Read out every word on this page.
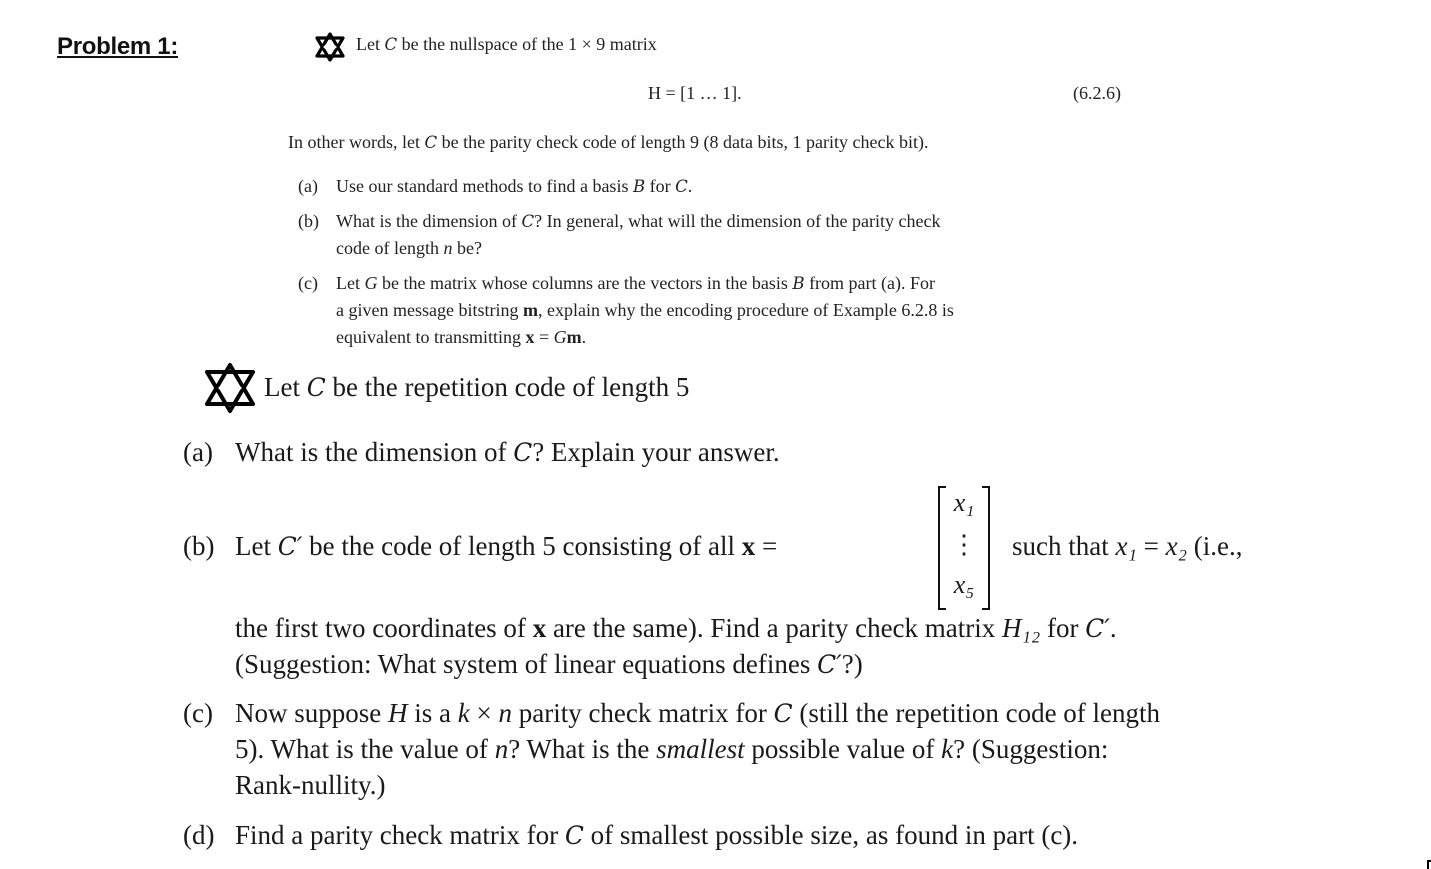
Problem 1:	Let C be the nullspace of the 1 × 9 matrix
H = [1 … 1].	(6.2.6)
In other words, let C be the parity check code of length 9 (8 data bits, 1 parity check bit).
(a) Use our standard methods to find a basis B for C.
(b) What is the dimension of C? In general, what will the dimension of the parity check
code of length n be?
(c) Let G be the matrix whose columns are the vectors in the basis B from part (a). For
a given message bitstring m, explain why the encoding procedure of Example 6.2.8 is
equivalent to transmitting x = Gm.
Let C be the repetition code of length 5
(a) What is the dimension of C? Explain your answer.
(b) Let C′ be the code of length 5 consisting of all x =
x₁
⋮
x₅
such that x₁ = x₂ (i.e.,
the first two coordinates of x are the same). Find a parity check matrix H₁₂ for C′.
(Suggestion: What system of linear equations defines C′?)
(c) Now suppose H is a k × n parity check matrix for C (still the repetition code of length
5). What is the value of n? What is the smallest possible value of k? (Suggestion:
Rank-nullity.)
(d) Find a parity check matrix for C of smallest possible size, as found in part (c).
